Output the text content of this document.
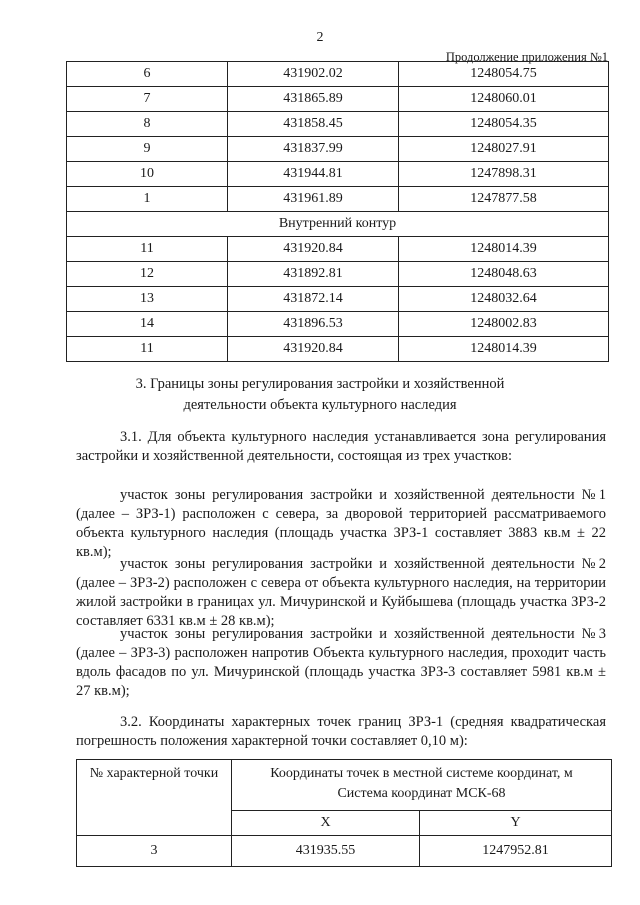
2
Продолжение приложения №1
6	431902.02	1248054.75
7	431865.89	1248060.01
8	431858.45	1248054.35
9	431837.99	1248027.91
10	431944.81	1247898.31
1	431961.89	1247877.58
Внутренний контур		
11	431920.84	1248014.39
12	431892.81	1248048.63
13	431872.14	1248032.64
14	431896.53	1248002.83
11	431920.84	1248014.39
3. Границы зоны регулирования застройки и хозяйственной
деятельности объекта культурного наследия
3.1. Для объекта культурного наследия устанавливается зона регулирования застройки и хозяйственной деятельности, состоящая из трех участков:
участок зоны регулирования застройки и хозяйственной деятельности №1 (далее – ЗРЗ-1) расположен с севера, за дворовой территорией рассматриваемого объекта культурного наследия (площадь участка ЗРЗ-1 составляет 3883 кв.м ± 22 кв.м);
участок зоны регулирования застройки и хозяйственной деятельности №2 (далее – ЗРЗ-2) расположен с севера от объекта культурного наследия, на территории жилой застройки в границах ул. Мичуринской и Куйбышева (площадь участка ЗРЗ-2 составляет 6331 кв.м ± 28 кв.м);
участок зоны регулирования застройки и хозяйственной деятельности №3 (далее – ЗРЗ-3) расположен напротив Объекта культурного наследия, проходит часть вдоль фасадов по ул. Мичуринской (площадь участка ЗРЗ-3 составляет 5981 кв.м ± 27 кв.м);
3.2. Координаты характерных точек границ ЗРЗ-1 (средняя квадратическая погрешность положения характерной точки составляет 0,10 м):
№ характерной точки	Координаты точек в местной системе координат, м
Система координат МСК-68	

	X	Y
3	431935.55	1247952.81
